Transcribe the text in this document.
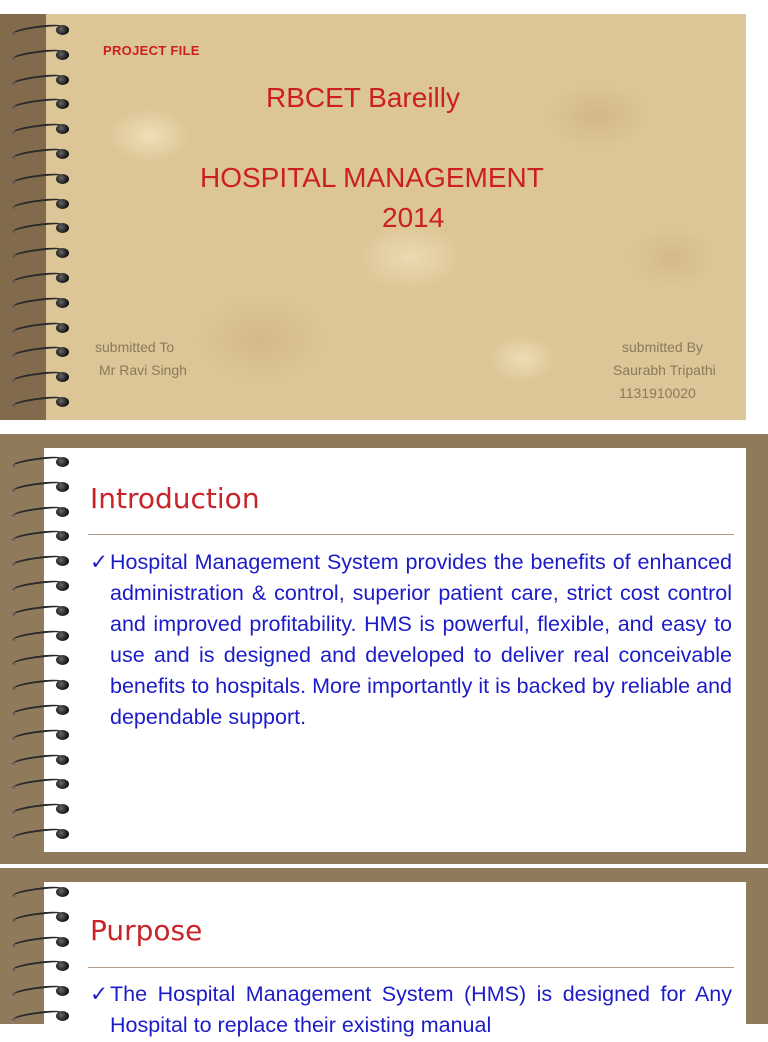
PROJECT FILE
RBCET Bareilly
HOSPITAL MANAGEMENT
2014
submitted To
Mr Ravi Singh
submitted By
Saurabh Tripathi
1131910020
Introduction
✓ Hospital Management System provides the benefits of enhanced administration & control, superior patient care, strict cost control and improved profitability. HMS is powerful, flexible, and easy to use and is designed and developed to deliver real conceivable benefits to hospitals. More importantly it is backed by reliable and dependable support.
Purpose
✓ The Hospital Management System (HMS) is designed for Any Hospital to replace their existing manual
